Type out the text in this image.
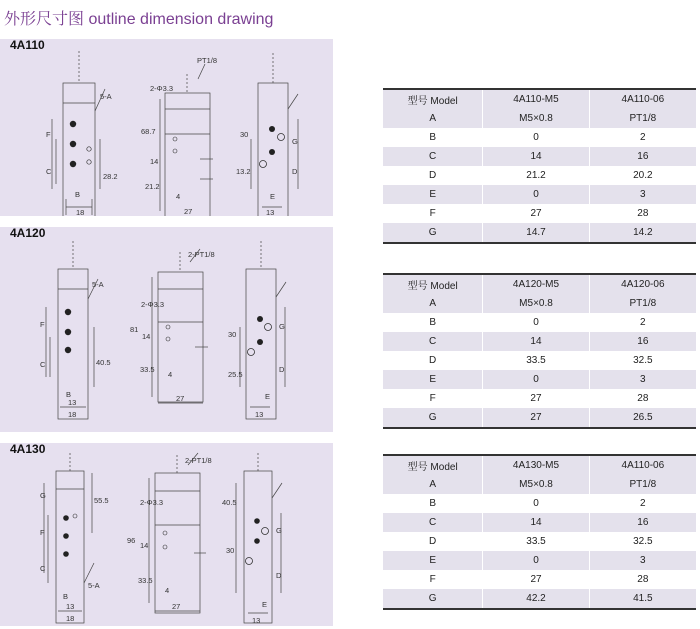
外形尺寸图 outline dimension drawing
4A110
F
C
28.2
18
B
5-A
PT1/8
2-Φ3.3
68.7
21.2
14
4
27
30
13.2
G
D
13
E
4A120
F
C	40.5
13
18
B
5-A
2-PT1/8
2-Φ3.3
81
33.5
14
4
27
30
25.5
G
D
13
E
4A130
G
F
C
55.5
13
18
B
5-A
2-PT1/8
2-Φ3.3
96
33.5
14
4
27
40.5
30
G
D
13
E
型号 Model	4A110-M5	4A110-06
A	M5×0.8	PT1/8
B	0	2
C	14	16
D	21.2	20.2
E	0	3
F	27	28
G	14.7	14.2
型号 Model	4A120-M5	4A120-06
A	M5×0.8	PT1/8
B	0	2
C	14	16
D	33.5	32.5
E	0	3
F	27	28
G	27	26.5
型号 Model	4A130-M5	4A110-06
A	M5×0.8	PT1/8
B	0	2
C	14	16
D	33.5	32.5
E	0	3
F	27	28
G	42.2	41.5
